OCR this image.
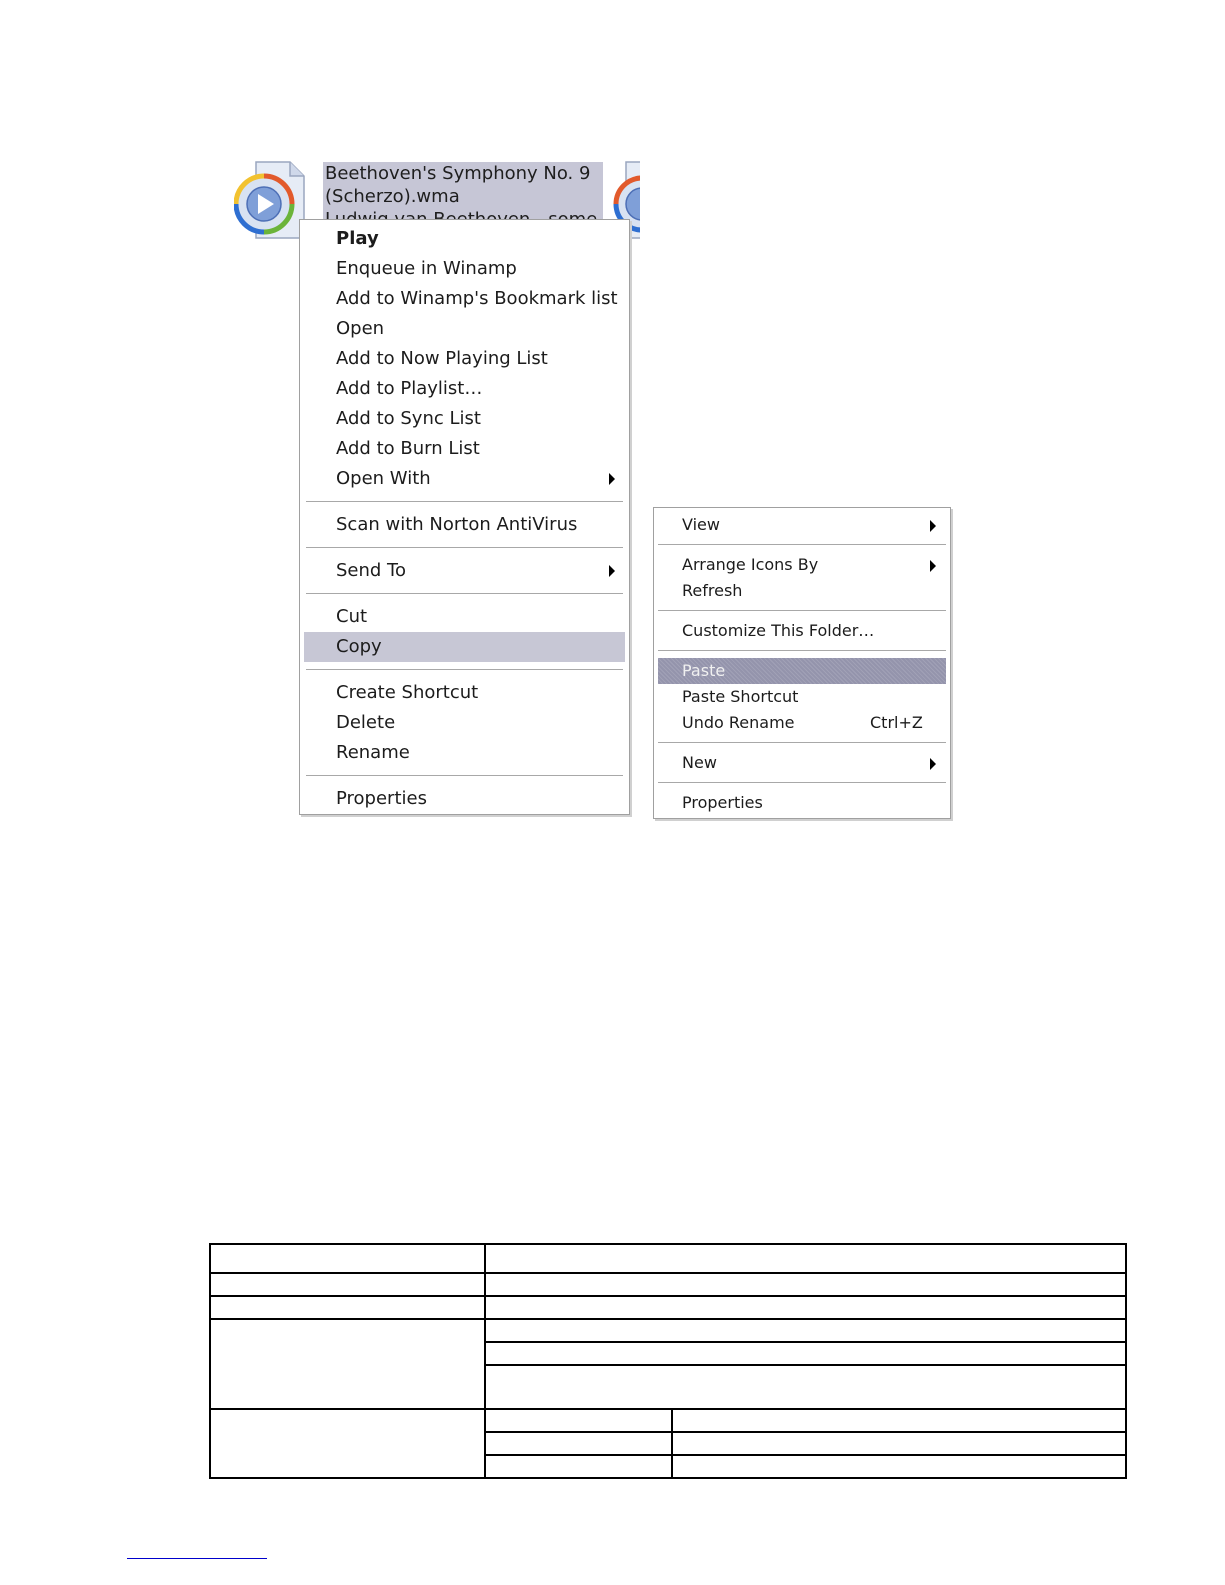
Beethoven's Symphony No. 9
(Scherzo).wma
Play
Enqueue in Winamp
Add to Winamp's Bookmark list
Open
Add to Now Playing List
Add to Playlist…
Add to Sync List
Add to Burn List
Open With
Scan with Norton AntiVirus
Send To
Cut
Copy
Create Shortcut
Delete
Rename
Properties
View
Arrange Icons By
Refresh
Customize This Folder…
Paste
Paste Shortcut
Undo Rename	Ctrl+Z
New
Properties
